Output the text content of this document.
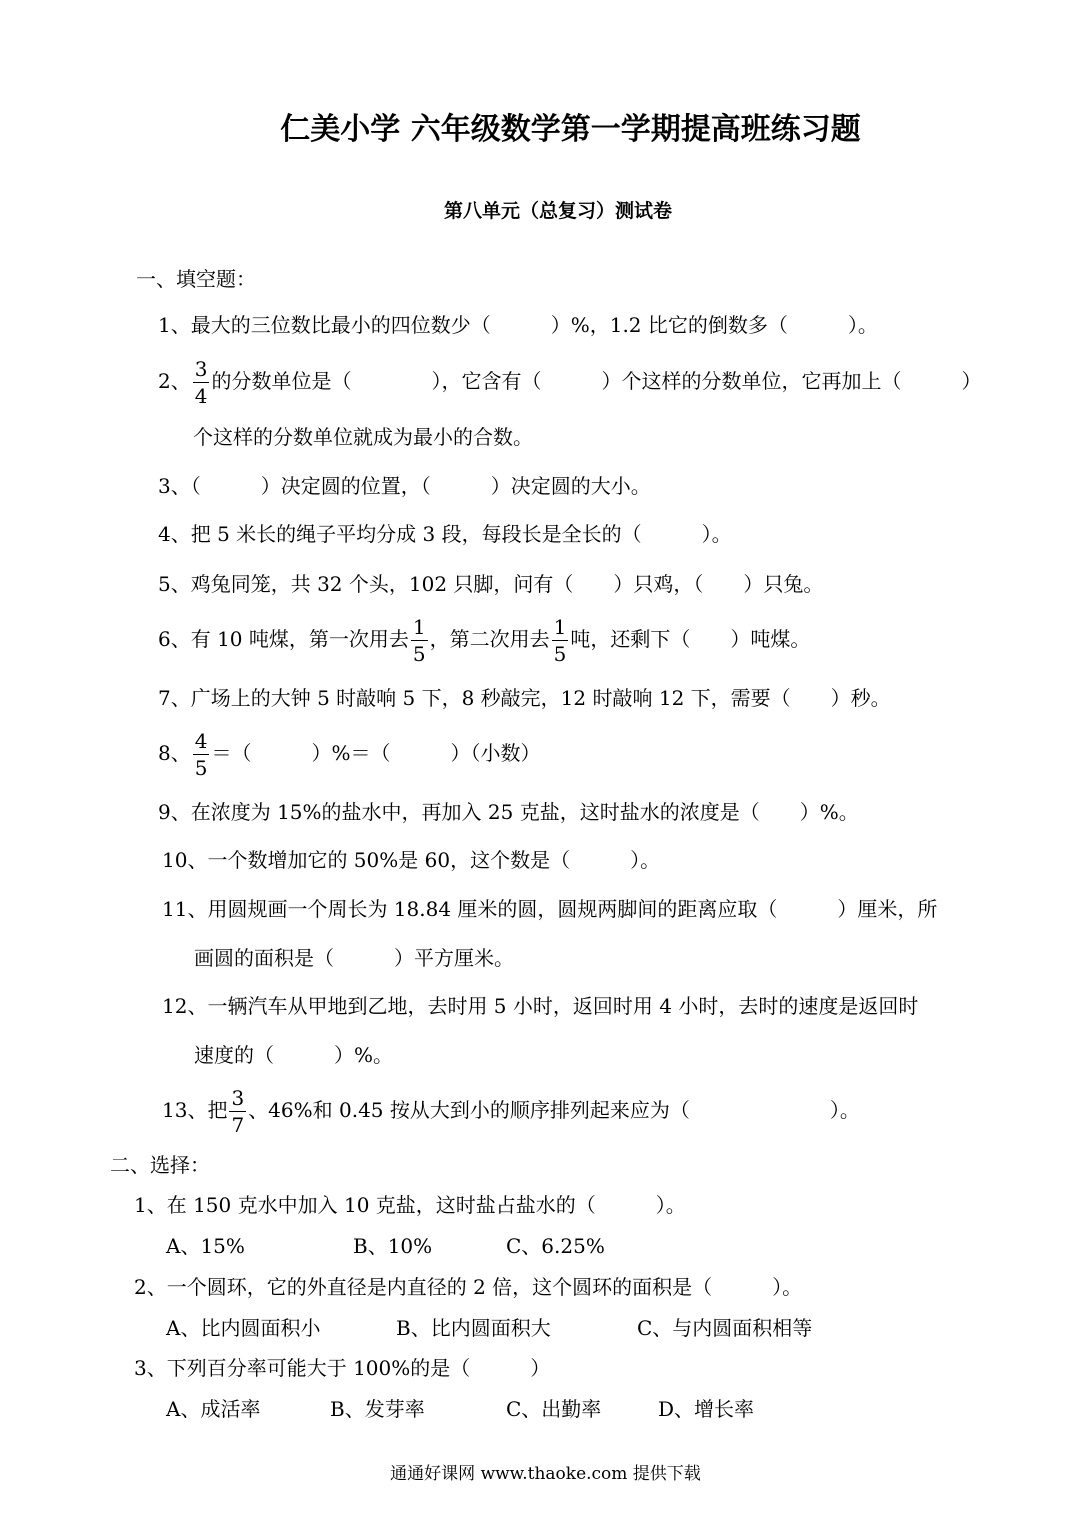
仁美小学 六年级数学第一学期提高班练习题
第八单元（总复习）测试卷
一、填空题：
1、最大的三位数比最小的四位数少（　　　）%，1.2 比它的倒数多（　　　）。
2、 $\frac{3}{4}$ 的分数单位是（　　　　），它含有（　　　）个这样的分数单位，它再加上（　　　）
个这样的分数单位就成为最小的合数。
3、（　　　）决定圆的位置，（　　　）决定圆的大小。
4、把 5 米长的绳子平均分成 3 段，每段长是全长的（　　　）。
5、鸡兔同笼，共 32 个头，102 只脚，问有（　　）只鸡，（　　）只兔。
6、有 10 吨煤，第一次用去 $\frac{1}{5}$ ，第二次用去 $\frac{1}{5}$ 吨，还剩下（　　）吨煤。
7、广场上的大钟 5 时敲响 5 下，8 秒敲完，12 时敲响 12 下，需要（　　）秒。
8、 $\frac{4}{5}$ ＝（　　　）%＝（　　　）（小数）
9、在浓度为 15%的盐水中，再加入 25 克盐，这时盐水的浓度是（　　）%。
10、一个数增加它的 50%是 60，这个数是（　　　）。
11、用圆规画一个周长为 18.84 厘米的圆，圆规两脚间的距离应取（　　　）厘米，所
画圆的面积是（　　　）平方厘米。
12、一辆汽车从甲地到乙地，去时用 5 小时，返回时用 4 小时，去时的速度是返回时
速度的（　　　）%。
13、把 $\frac{3}{7}$ 、46%和 0.45 按从大到小的顺序排列起来应为（　　　　　　　）。
二、选择：
1、在 150 克水中加入 10 克盐，这时盐占盐水的（　　　）。
A、15%	B、10%	C、6.25%
2、一个圆环，它的外直径是内直径的 2 倍，这个圆环的面积是（　　　）。
A、比内圆面积小	B、比内圆面积大	C、与内圆面积相等
3、下列百分率可能大于 100%的是（　　　）
A、成活率	B、发芽率	C、出勤率	D、增长率
通通好课网 www.thaoke.com 提供下载
